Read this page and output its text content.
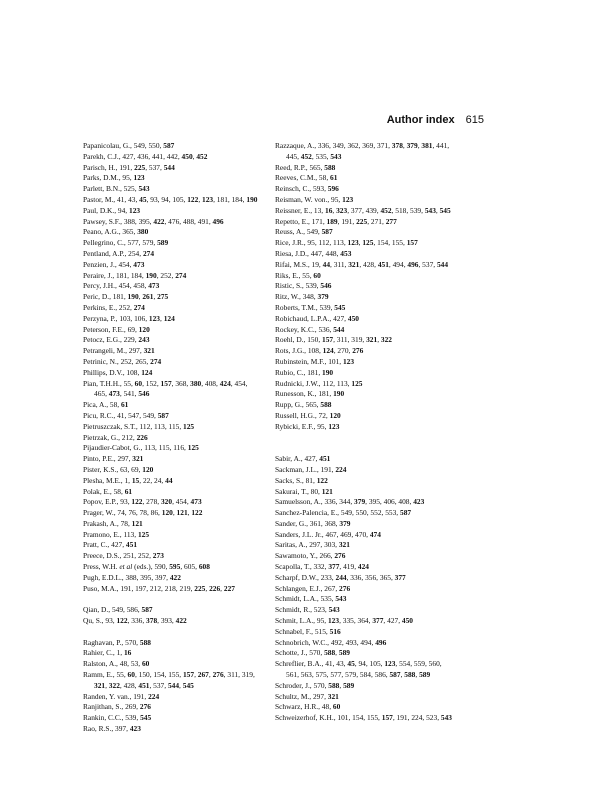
Author index 615

Papanicolau, G., 549, 550, 587

Parekh, C.J., 427, 436, 441, 442, 450, 452

Parisch, H., 191, 225, 537, 544

Parks, D.M., 95, 123

Parlett, B.N., 525, 543

Pastor, M., 41, 43, 45, 93, 94, 105, 122, 123, 181, 184, 190

Paul, D.K., 94, 123

Pawsey, S.F., 388, 395, 422, 476, 488, 491, 496

Peano, A.G., 365, 380

Pellegrino, C., 577, 579, 589

Pentland, A.P., 254, 274

Penzien, J., 454, 473

Peraire, J., 181, 184, 190, 252, 274

Percy, J.H., 454, 458, 473

Peric, D., 181, 190, 261, 275

Perkins, E., 252, 274

Perzyna, P., 103, 106, 123, 124

Peterson, F.E., 69, 120

Petocz, E.G., 229, 243

Petrangeli, M., 297, 321

Petrinic, N., 252, 265, 274

Phillips, D.V., 108, 124

Pian, T.H.H., 55, 60, 152, 157, 368, 380, 408, 424, 454, 465, 473, 541, 546

Pica, A., 58, 61

Picu, R.C., 41, 547, 549, 587

Pietruszczak, S.T., 112, 113, 115, 125

Pietrzak, G., 212, 226

Pijaudier-Cabot, G., 113, 115, 116, 125

Pinto, P.E., 297, 321

Pister, K.S., 63, 69, 120

Plesha, M.E., 1, 15, 22, 24, 44

Polak, E., 58, 61

Popov, E.P., 93, 122, 278, 320, 454, 473

Prager, W., 74, 76, 78, 86, 120, 121, 122

Prakash, A., 78, 121

Pramono, E., 113, 125

Pratt, C., 427, 451

Preece, D.S., 251, 252, 273

Press, W.H. et al (eds.), 590, 595, 605, 608

Pugh, E.D.L., 388, 395, 397, 422

Puso, M.A., 191, 197, 212, 218, 219, 225, 226, 227

Qian, D., 549, 586, 587

Qu, S., 93, 122, 336, 378, 393, 422

Raghavan, P., 570, 588

Rahier, C., 1, 16

Ralston, A., 48, 53, 60

Ramm, E., 55, 60, 150, 154, 155, 157, 267, 276, 311, 319, 321, 322, 428, 451, 537, 544, 545

Randen, Y. van., 191, 224

Ranjithan, S., 269, 276

Rankin, C.C., 539, 545

Rao, R.S., 397, 423

Razzaque, A., 336, 349, 362, 369, 371, 378, 379, 381, 441, 445, 452, 535, 543

Reed, R.P., 565, 588

Reeves, C.M., 58, 61

Reinsch, C., 593, 596

Reisman, W. von., 95, 123

Reissner, E., 13, 16, 323, 377, 439, 452, 518, 539, 543, 545

Repetto, E., 171, 189, 191, 225, 271, 277

Reuss, A., 549, 587

Rice, J.R., 95, 112, 113, 123, 125, 154, 155, 157

Riesa, J.D., 447, 448, 453

Rifai, M.S., 19, 44, 311, 321, 428, 451, 494, 496, 537, 544

Riks, E., 55, 60

Ristic, S., 539, 546

Ritz, W., 348, 379

Roberts, T.M., 539, 545

Robichaud, L.P.A., 427, 450

Rockey, K.C., 536, 544

Roehl, D., 150, 157, 311, 319, 321, 322

Rots, J.G., 108, 124, 270, 276

Rubinstein, M.F., 101, 123

Rubio, C., 181, 190

Rudnicki, J.W., 112, 113, 125

Runesson, K., 181, 190

Rupp, G., 565, 588

Russell, H.G., 72, 120

Rybicki, E.F., 95, 123

Sabir, A., 427, 451

Sackman, J.L., 191, 224

Sacks, S., 81, 122

Sakurai, T., 80, 121

Samuelsson, A., 336, 344, 379, 395, 406, 408, 423

Sanchez-Palencia, E., 549, 550, 552, 553, 587

Sander, G., 361, 368, 379

Sanders, J.L. Jr., 467, 469, 470, 474

Saritas, A., 297, 303, 321

Sawamoto, Y., 266, 276

Scapolla, T., 332, 377, 419, 424

Scharpf, D.W., 233, 244, 336, 356, 365, 377

Schlangen, E.J., 267, 276

Schmidt, L.A., 535, 543

Schmidt, R., 523, 543

Schmit, L.A., 95, 123, 335, 364, 377, 427, 450

Schnabel, F., 515, 516

Schnobrich, W.C., 492, 493, 494, 496

Schotte, J., 570, 588, 589

Schreflier, B.A., 41, 43, 45, 94, 105, 123, 554, 559, 560, 561, 563, 575, 577, 579, 584, 586, 587, 588, 589

Schroder, J., 570, 588, 589

Schultz, M., 297, 321

Schwarz, H.R., 48, 60

Schweizerhof, K.H., 101, 154, 155, 157, 191, 224, 523, 543
